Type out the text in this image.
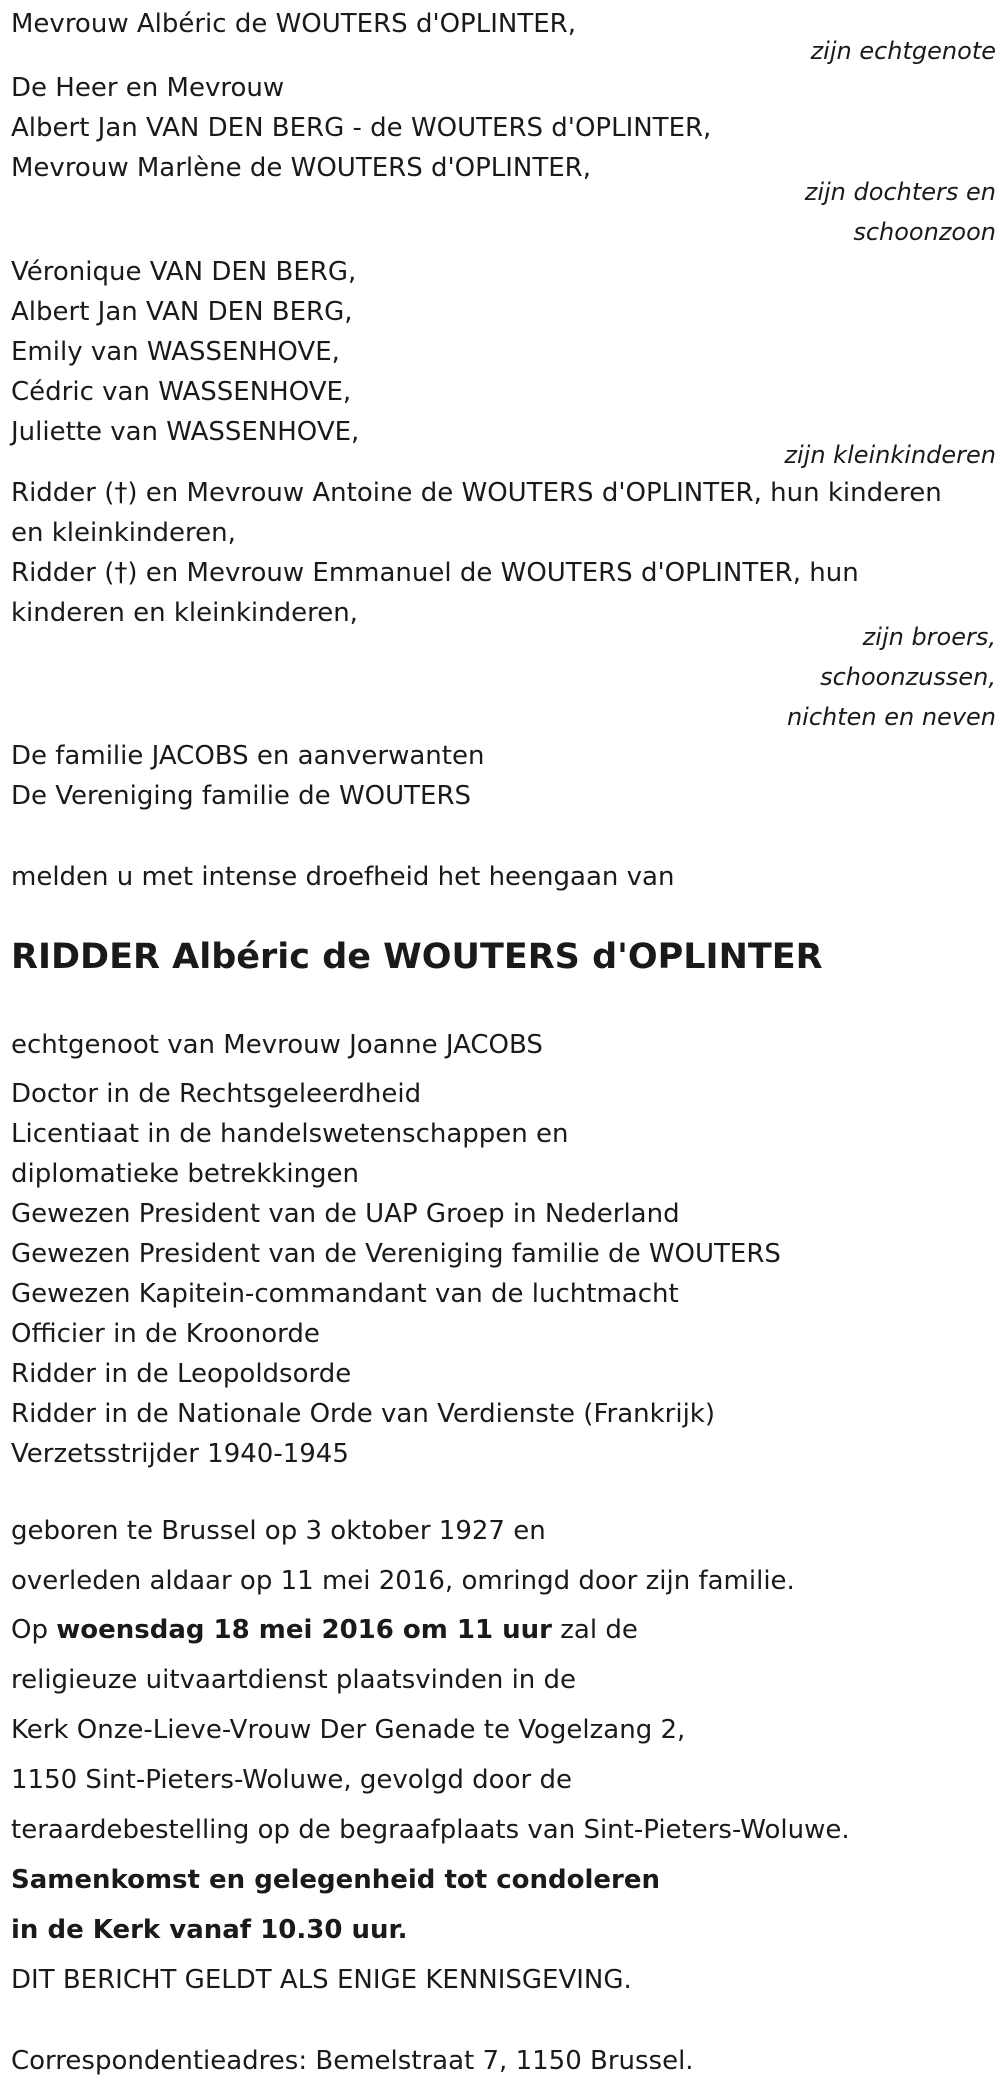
Mevrouw Albéric de WOUTERS d'OPLINTER,
zijn echtgenote
De Heer en Mevrouw
Albert Jan VAN DEN BERG - de WOUTERS d'OPLINTER,
Mevrouw Marlène de WOUTERS d'OPLINTER,
zijn dochters en
schoonzoon
Véronique VAN DEN BERG,
Albert Jan VAN DEN BERG,
Emily van WASSENHOVE,
Cédric van WASSENHOVE,
Juliette van WASSENHOVE,
zijn kleinkinderen
Ridder (†) en Mevrouw Antoine de WOUTERS d'OPLINTER, hun kinderen
en kleinkinderen,
Ridder (†) en Mevrouw Emmanuel de WOUTERS d'OPLINTER, hun
kinderen en kleinkinderen,
zijn broers,
schoonzussen,
nichten en neven
De familie JACOBS en aanverwanten
De Vereniging familie de WOUTERS
melden u met intense droefheid het heengaan van
RIDDER Albéric de WOUTERS d'OPLINTER
echtgenoot van Mevrouw Joanne JACOBS
Doctor in de Rechtsgeleerdheid
Licentiaat in de handelswetenschappen en
diplomatieke betrekkingen
Gewezen President van de UAP Groep in Nederland
Gewezen President van de Vereniging familie de WOUTERS
Gewezen Kapitein-commandant van de luchtmacht
Officier in de Kroonorde
Ridder in de Leopoldsorde
Ridder in de Nationale Orde van Verdienste (Frankrijk)
Verzetsstrijder 1940-1945
geboren te Brussel op 3 oktober 1927 en
overleden aldaar op 11 mei 2016, omringd door zijn familie.
Op woensdag 18 mei 2016 om 11 uur zal de
religieuze uitvaartdienst plaatsvinden in de
Kerk Onze-Lieve-Vrouw Der Genade te Vogelzang 2,
1150 Sint-Pieters-Woluwe, gevolgd door de
teraardebestelling op de begraafplaats van Sint-Pieters-Woluwe.
Samenkomst en gelegenheid tot condoleren
in de Kerk vanaf 10.30 uur.
DIT BERICHT GELDT ALS ENIGE KENNISGEVING.
Correspondentieadres: Bemelstraat 7, 1150 Brussel.
